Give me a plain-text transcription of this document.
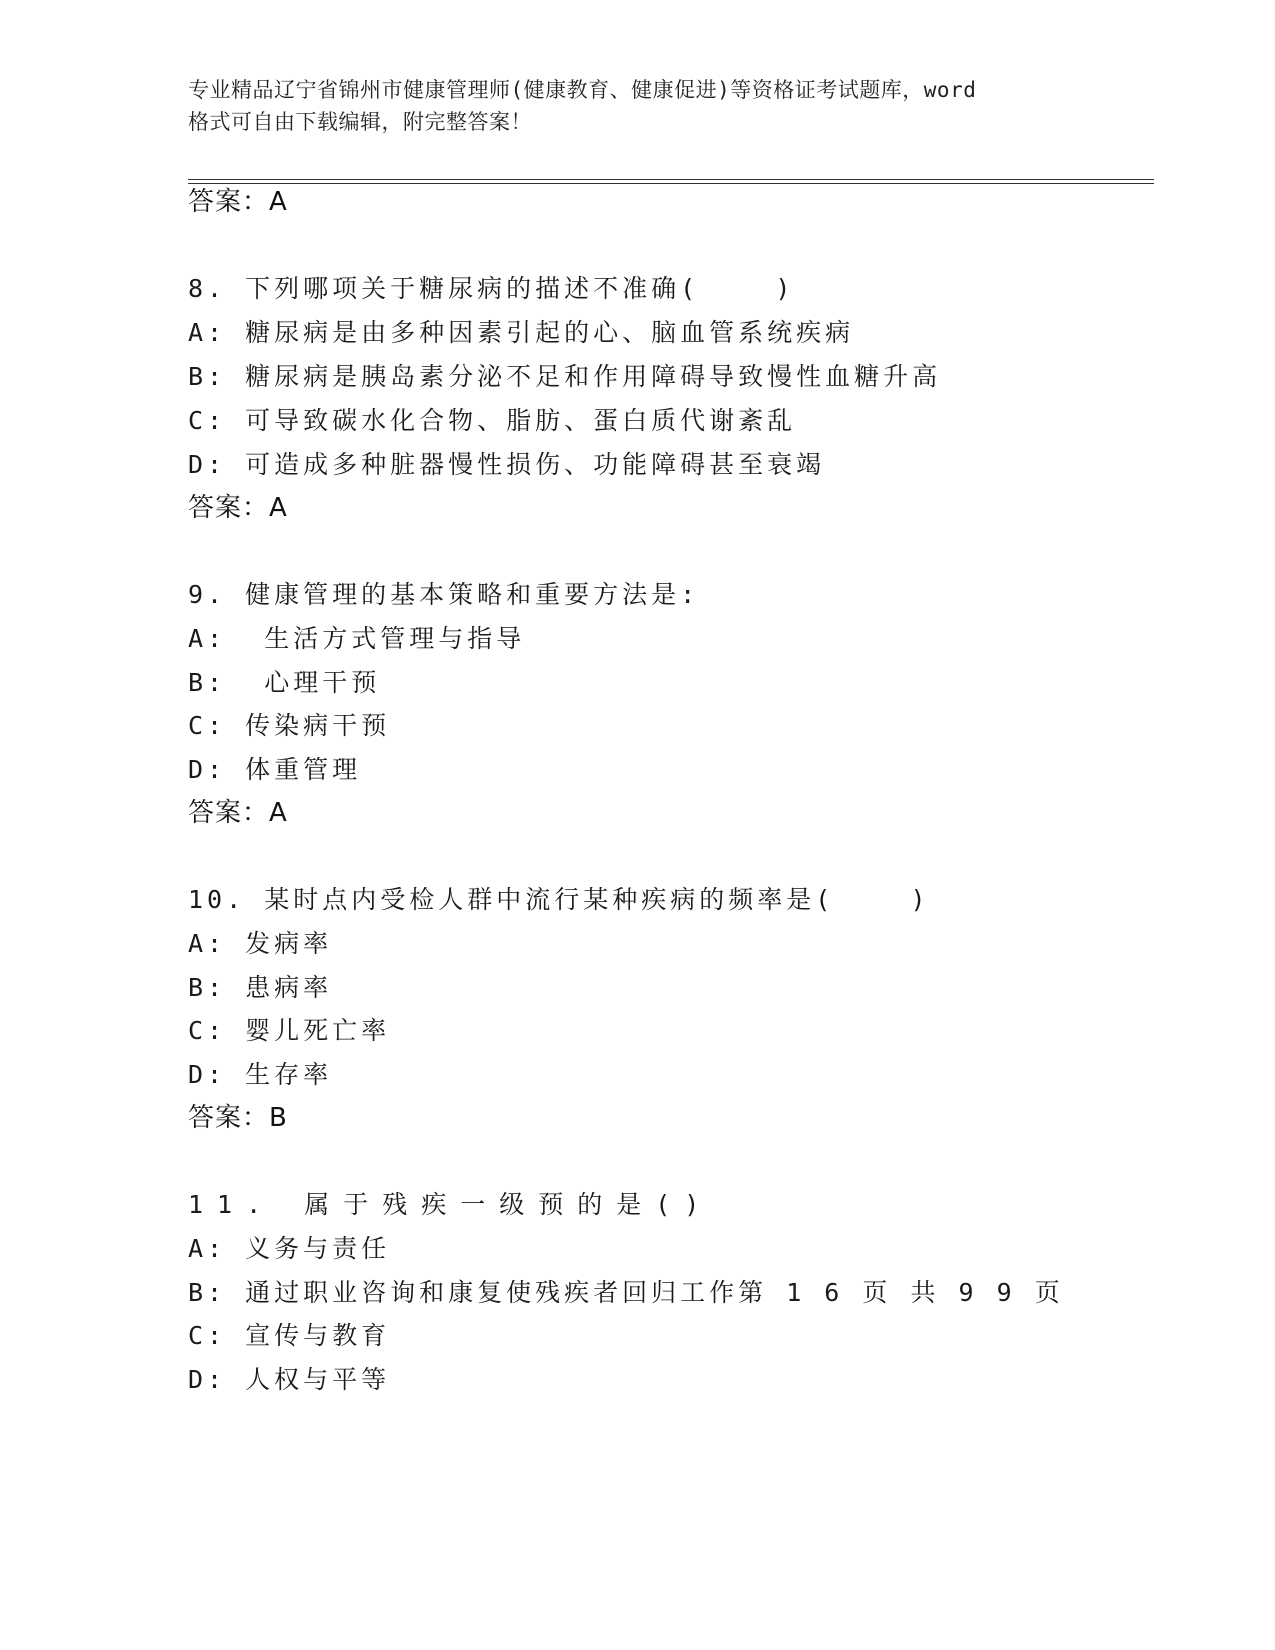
专业精品辽宁省锦州市健康管理师(健康教育、健康促进)等资格证考试题库，word
格式可自由下载编辑，附完整答案！
答案：A
8. 下列哪项关于糖尿病的描述不准确(    )
A: 糖尿病是由多种因素引起的心、脑血管系统疾病
B: 糖尿病是胰岛素分泌不足和作用障碍导致慢性血糖升高
C: 可导致碳水化合物、脂肪、蛋白质代谢紊乱
D: 可造成多种脏器慢性损伤、功能障碍甚至衰竭
答案：A
9. 健康管理的基本策略和重要方法是:
A:  生活方式管理与指导
B:  心理干预
C: 传染病干预
D: 体重管理
答案：A
10. 某时点内受检人群中流行某种疾病的频率是(    )
A: 发病率
B: 患病率
C: 婴儿死亡率
D: 生存率
答案：B
11. 属于残疾一级预的是()
A: 义务与责任
B: 通过职业咨询和康复使残疾者回归工作第 1 6 页 共 9 9 页
C: 宣传与教育
D: 人权与平等
